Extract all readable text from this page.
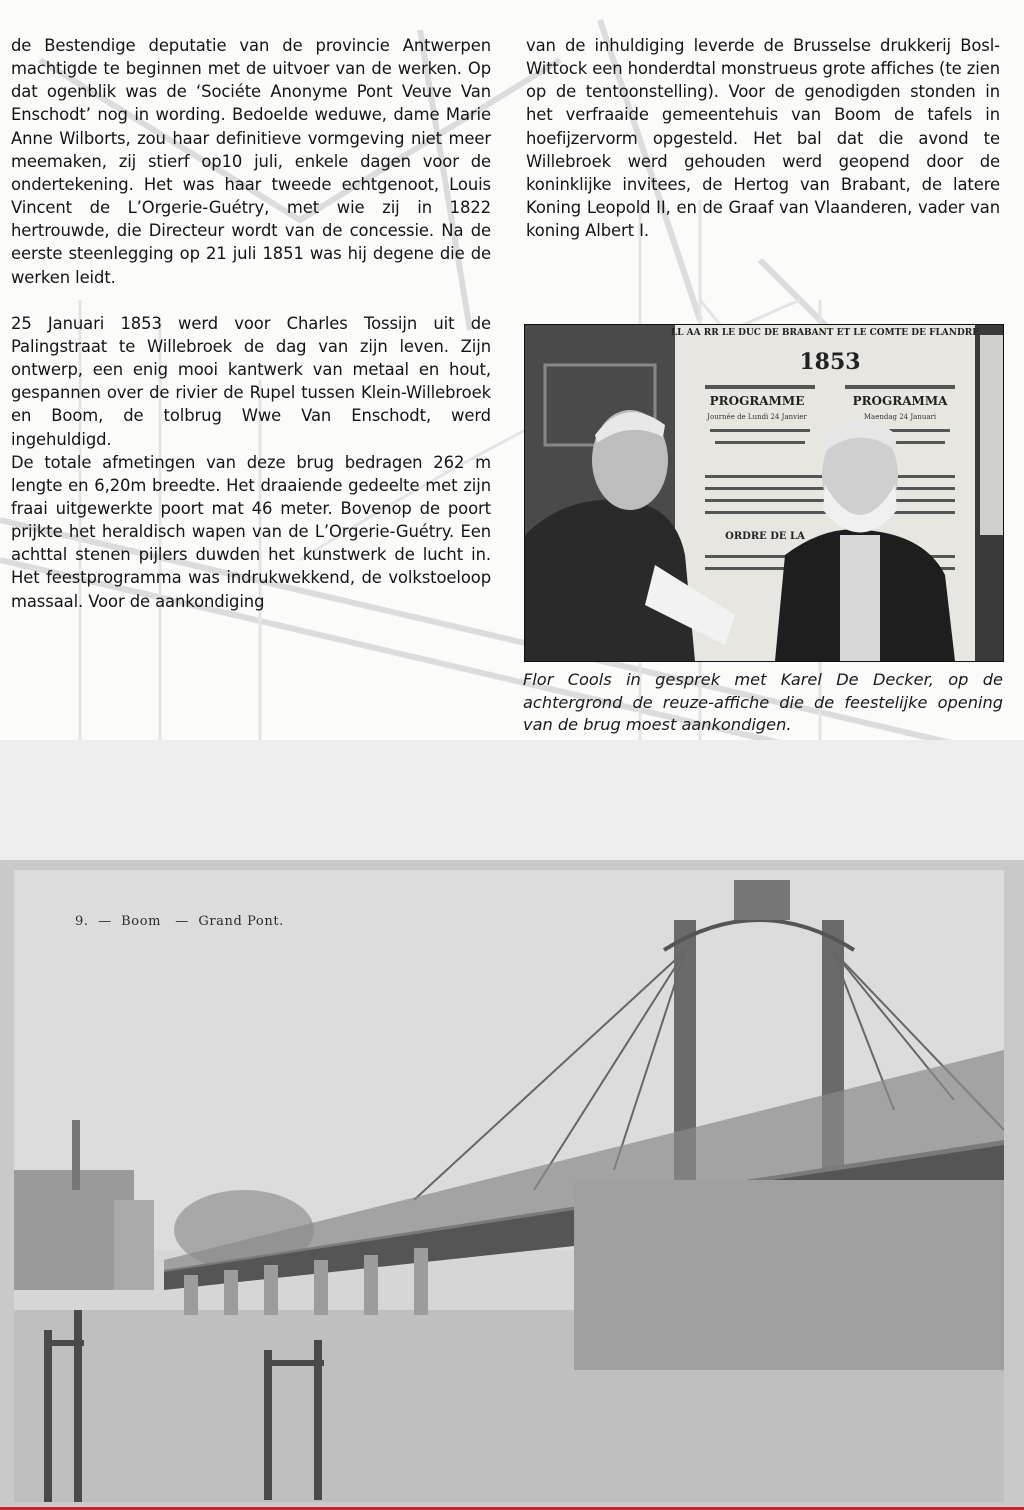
de Bestendige deputatie van de provincie Antwerpen machtigde te beginnen met de uitvoer van de werken. Op dat ogenblik was de ‘Sociéte Anonyme Pont Veuve Van Enschodt’ nog in wording. Bedoelde weduwe, dame Marie Anne Wilborts, zou haar definitieve vormgeving niet meer meemaken, zij stierf op10 juli, enkele dagen voor de ondertekening. Het was haar tweede echtgenoot, Louis Vincent de L’Orgerie-Guétry, met wie zij in 1822 hertrouwde, die Directeur wordt van de concessie. Na de eerste steenlegging op 21 juli 1851 was hij degene die de werken leidt.

25 Januari 1853 werd voor Charles Tossijn uit de Palingstraat te Willebroek de dag van zijn leven. Zijn ontwerp, een enig mooi kantwerk van metaal en hout, gespannen over de rivier de Rupel tussen Klein-Willebroek en Boom, de tolbrug Wwe Van Enschodt, werd ingehuldigd.

De totale afmetingen van deze brug bedragen 262 m lengte en 6,20m breedte. Het draaiende gedeelte met zijn fraai uitgewerkte poort mat 46 meter. Bovenop de poort prijkte het heraldisch wapen van de L’Orgerie-Guétry. Een achttal stenen pijlers duwden het kunstwerk de lucht in. Het feestprogramma was indrukwekkend, de volkstoeloop massaal. Voor de aankondiging

van de inhuldiging leverde de Brusselse drukkerij Bosl-Wittock een honderdtal monstrueus grote affiches (te zien op de tentoonstelling). Voor de genodigden stonden in het verfraaide gemeentehuis van Boom de tafels in hoefijzervorm opgesteld. Het bal dat die avond te Willebroek werd gehouden werd geopend door de koninklijke invitees, de Hertog van Brabant, de latere Koning Leopold II, en de Graaf van Vlaanderen, vader van koning Albert I.

LL AA RR LE DUC DE BRABANT ET LE COMTE DE FLANDRE
1853
PROGRAMME	PROGRAMMA
Journée de Lundi 24 Janvier	Maendag 24 Januari
ORDRE DE LA
Flor Cools in gesprek met Karel De Decker, op de achtergrond de reuze-affiche die de feestelijke opening van de brug moest aankondigen.
9.  —  Boom   —  Grand Pont.
